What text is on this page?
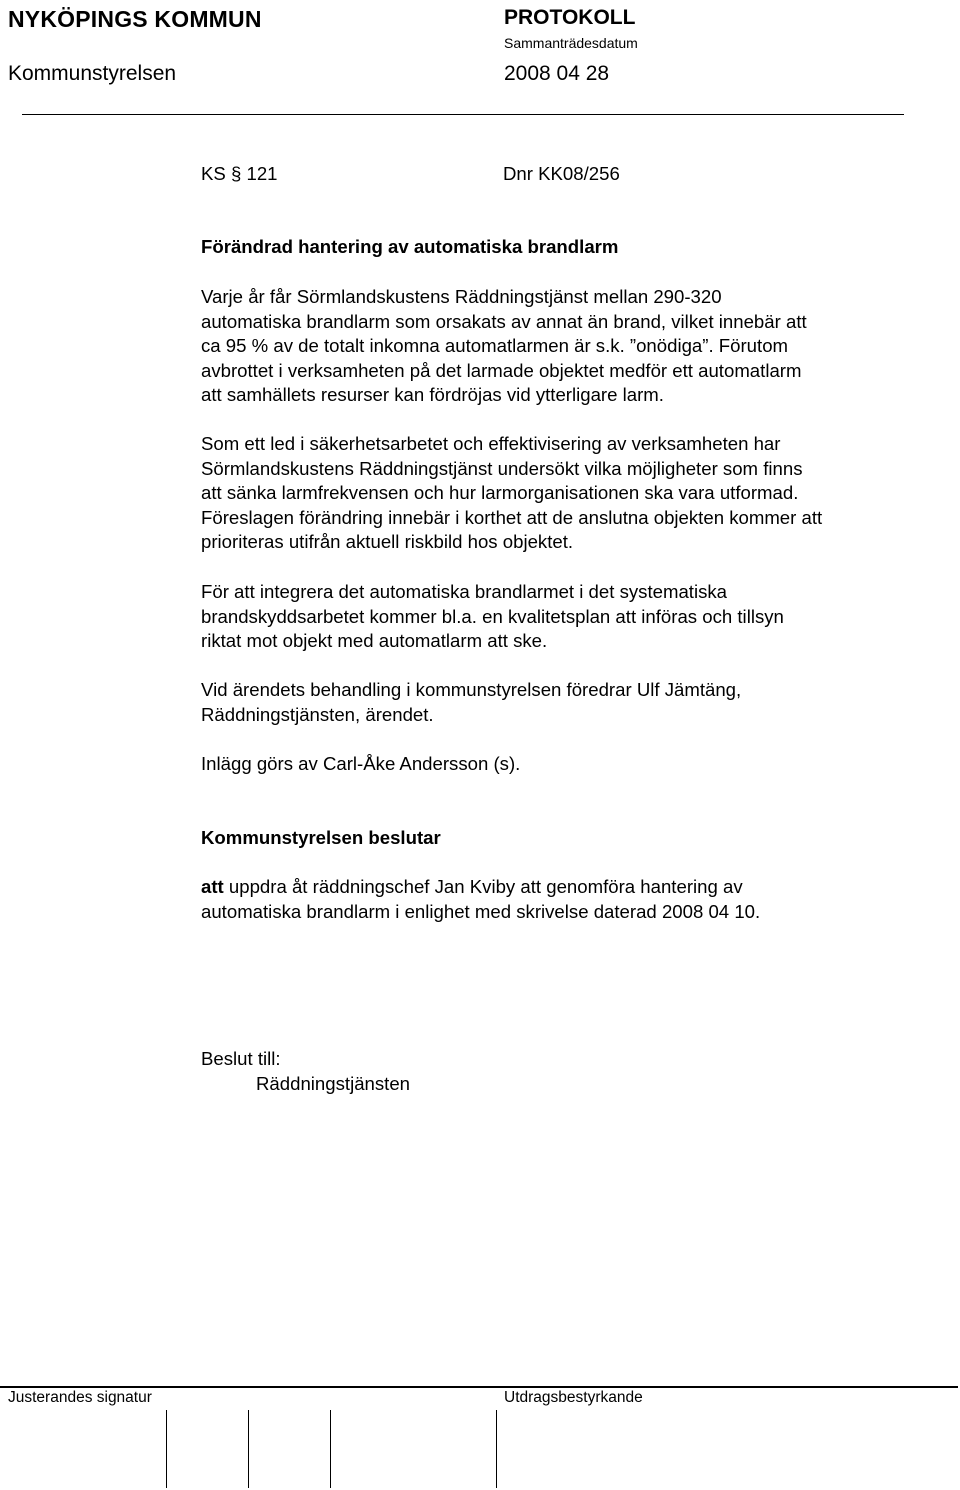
NYKÖPINGS KOMMUN	PROTOKOLL
Sammanträdesdatum
Kommunstyrelsen	2008 04 28
KS § 121	Dnr KK08/256
Förändrad hantering av automatiska brandlarm
Varje år får Sörmlandskustens Räddningstjänst mellan 290-320
automatiska brandlarm som orsakats av annat än brand, vilket innebär att
ca 95 % av de totalt inkomna automatlarmen är s.k. ”onödiga”. Förutom
avbrottet i verksamheten på det larmade objektet medför ett automatlarm
att samhällets resurser kan fördröjas vid ytterligare larm.
Som ett led i säkerhetsarbetet och effektivisering av verksamheten har
Sörmlandskustens Räddningstjänst undersökt vilka möjligheter som finns
att sänka larmfrekvensen och hur larmorganisationen ska vara utformad.
Föreslagen förändring innebär i korthet att de anslutna objekten kommer att
prioriteras utifrån aktuell riskbild hos objektet.
För att integrera det automatiska brandlarmet i det systematiska
brandskyddsarbetet kommer bl.a. en kvalitetsplan att införas och tillsyn
riktat mot objekt med automatlarm att ske.
Vid ärendets behandling i kommunstyrelsen föredrar Ulf Jämtäng,
Räddningstjänsten, ärendet.
Inlägg görs av Carl-Åke Andersson (s).
Kommunstyrelsen beslutar
att uppdra åt räddningschef Jan Kviby att genomföra hantering av
automatiska brandlarm i enlighet med skrivelse daterad 2008 04 10.
Beslut till:
Räddningstjänsten
Justerandes signatur	Utdragsbestyrkande
